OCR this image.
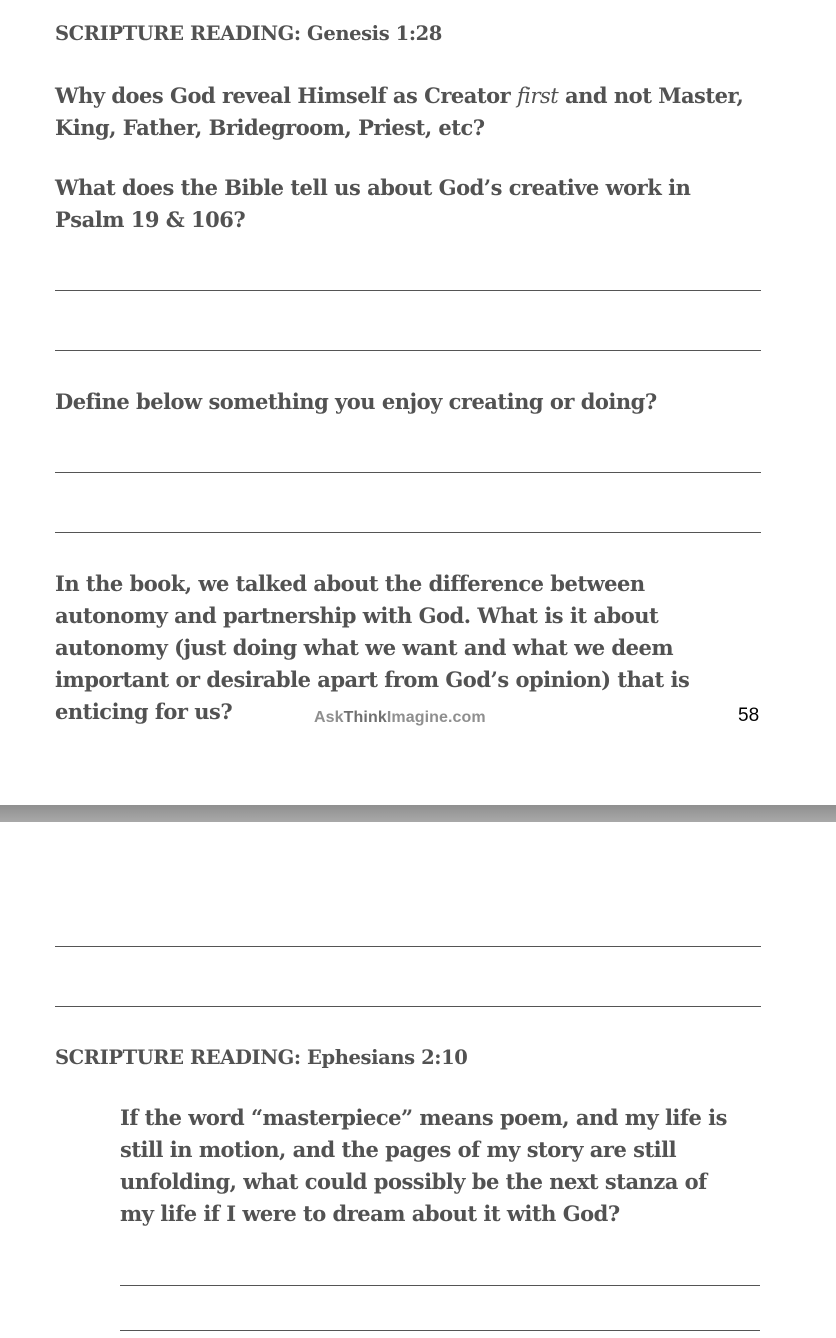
SCRIPTURE READING: Genesis 1:28
Why does God reveal Himself as Creator first and not Master, King, Father, Bridegroom, Priest, etc?
What does the Bible tell us about God’s creative work in Psalm 19 & 106?
Define below something you enjoy creating or doing?
In the book, we talked about the difference between autonomy and partnership with God. What is it about autonomy (just doing what we want and what we deem important or desirable apart from God’s opinion) that is enticing for us?	AskThinkImagine.com	58
SCRIPTURE READING: Ephesians 2:10
If the word “masterpiece” means poem, and my life is still in motion, and the pages of my story are still unfolding, what could possibly be the next stanza of my life if I were to dream about it with God?
